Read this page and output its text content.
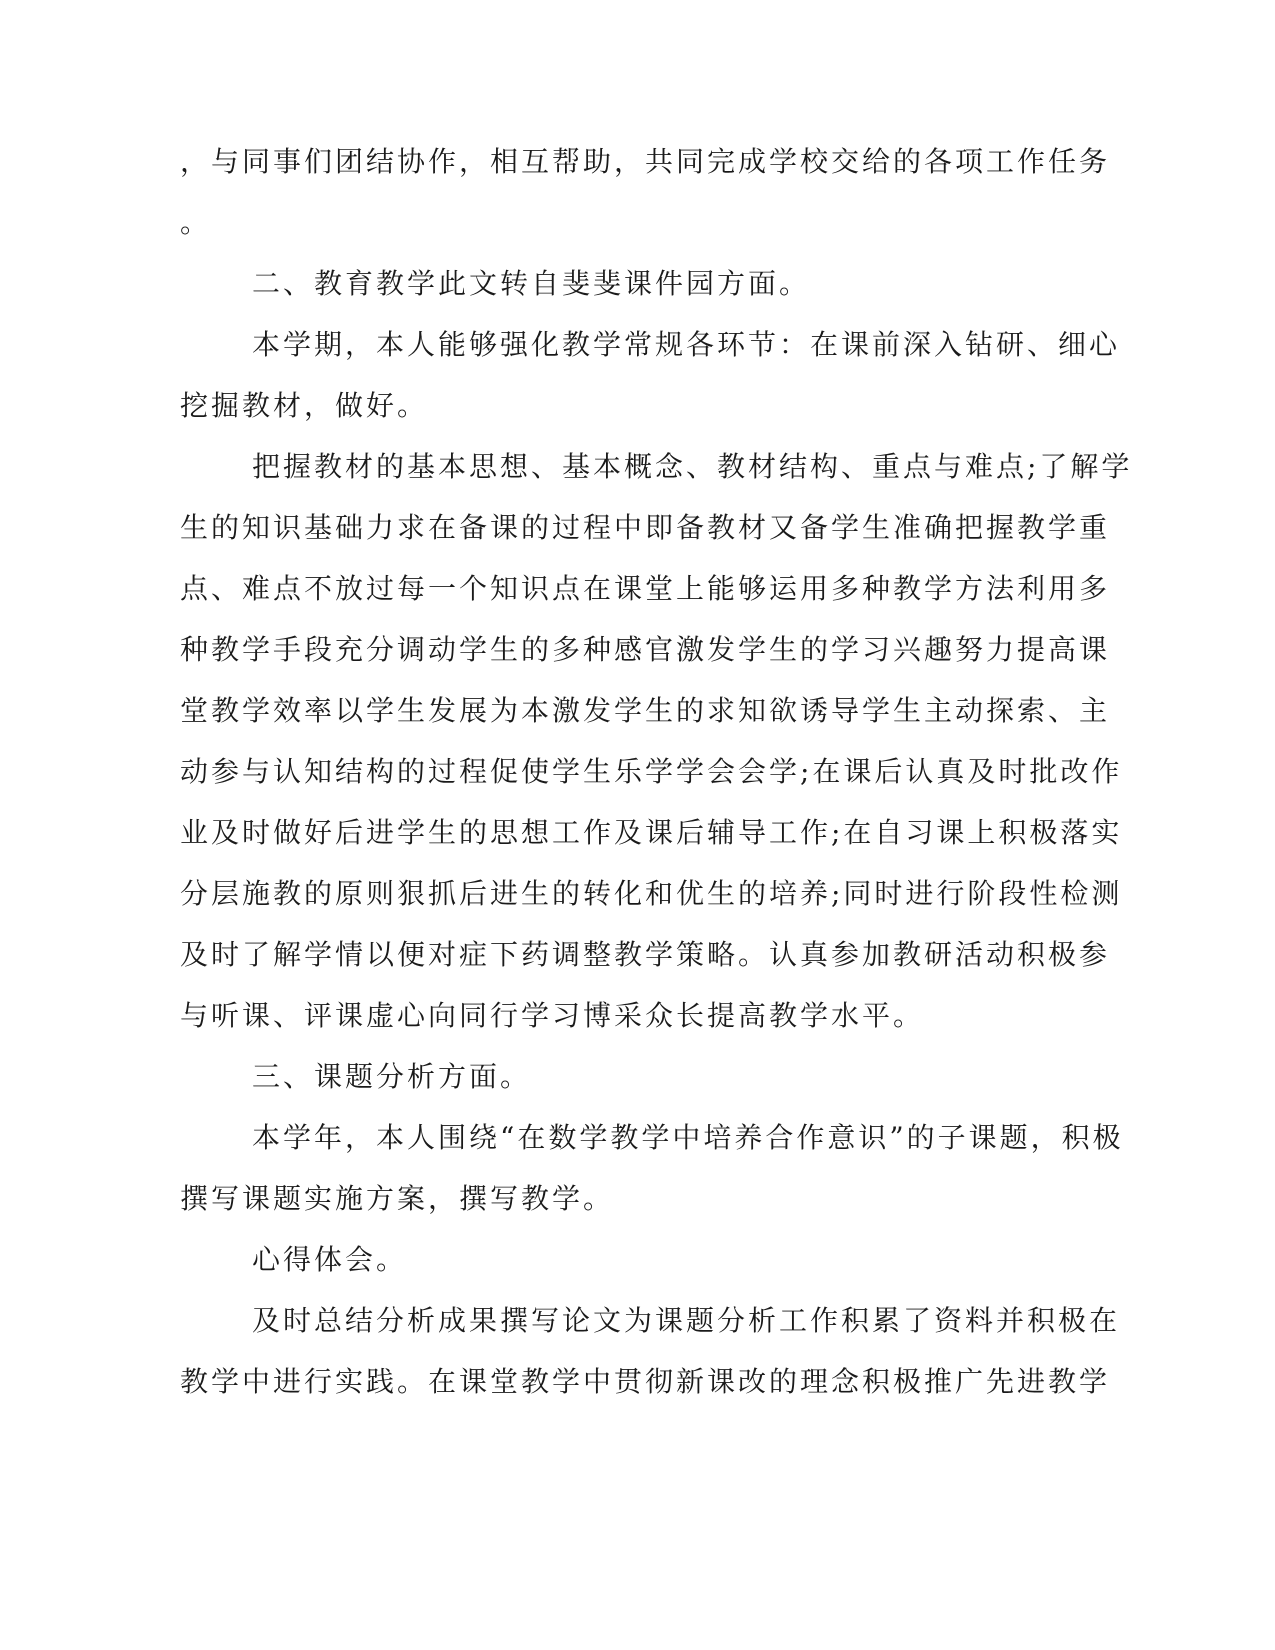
，与同事们团结协作，相互帮助，共同完成学校交给的各项工作任务
。
二、教育教学此文转自斐斐课件园方面。
本学期，本人能够强化教学常规各环节：在课前深入钻研、细心
挖掘教材，做好。
把握教材的基本思想、基本概念、教材结构、重点与难点;了解学
生的知识基础力求在备课的过程中即备教材又备学生准确把握教学重
点、难点不放过每一个知识点在课堂上能够运用多种教学方法利用多
种教学手段充分调动学生的多种感官激发学生的学习兴趣努力提高课
堂教学效率以学生发展为本激发学生的求知欲诱导学生主动探索、主
动参与认知结构的过程促使学生乐学学会会学;在课后认真及时批改作
业及时做好后进学生的思想工作及课后辅导工作;在自习课上积极落实
分层施教的原则狠抓后进生的转化和优生的培养;同时进行阶段性检测
及时了解学情以便对症下药调整教学策略。认真参加教研活动积极参
与听课、评课虚心向同行学习博采众长提高教学水平。
三、课题分析方面。
本学年，本人围绕“在数学教学中培养合作意识”的子课题，积极
撰写课题实施方案，撰写教学。
心得体会。
及时总结分析成果撰写论文为课题分析工作积累了资料并积极在
教学中进行实践。在课堂教学中贯彻新课改的理念积极推广先进教学
